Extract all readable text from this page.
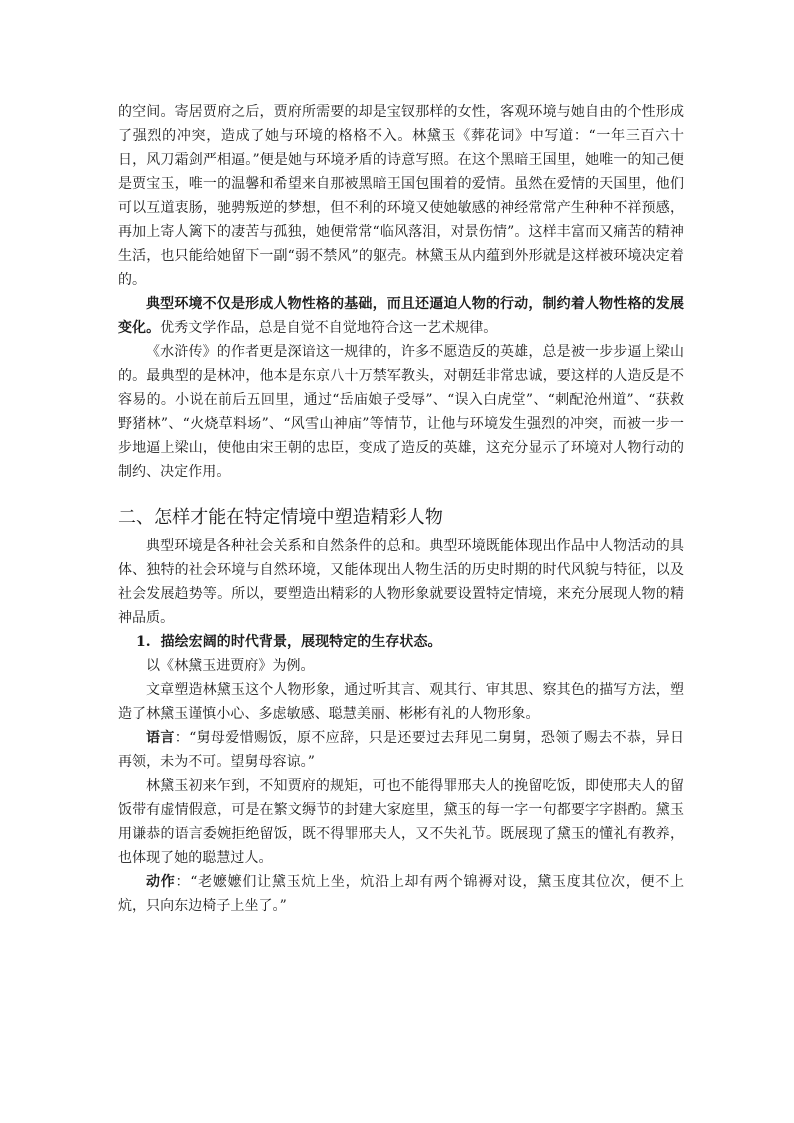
的空间。寄居贾府之后，贾府所需要的却是宝钗那样的女性，客观环境与她自由的个性形成了强烈的冲突，造成了她与环境的格格不入。林黛玉《葬花词》中写道：“一年三百六十日，风刀霜剑严相逼。”便是她与环境矛盾的诗意写照。在这个黑暗王国里，她唯一的知己便是贾宝玉，唯一的温馨和希望来自那被黑暗王国包围着的爱情。虽然在爱情的天国里，他们可以互道衷肠，驰骋叛逆的梦想，但不利的环境又使她敏感的神经常常产生种种不祥预感，再加上寄人篱下的凄苦与孤独，她便常常“临风落泪，对景伤情”。这样丰富而又痛苦的精神生活，也只能给她留下一副“弱不禁风”的躯壳。林黛玉从内蕴到外形就是这样被环境决定着的。

典型环境不仅是形成人物性格的基础，而且还逼迫人物的行动，制约着人物性格的发展变化。优秀文学作品，总是自觉不自觉地符合这一艺术规律。

《水浒传》的作者更是深谙这一规律的，许多不愿造反的英雄，总是被一步步逼上梁山的。最典型的是林冲，他本是东京八十万禁军教头，对朝廷非常忠诚，要这样的人造反是不容易的。小说在前后五回里，通过“岳庙娘子受辱”、“误入白虎堂”、“刺配沧州道”、“获救野猪林”、“火烧草料场”、“风雪山神庙”等情节，让他与环境发生强烈的冲突，而被一步一步地逼上梁山，使他由宋王朝的忠臣，变成了造反的英雄，这充分显示了环境对人物行动的制约、决定作用。

二、怎样才能在特定情境中塑造精彩人物

典型环境是各种社会关系和自然条件的总和。典型环境既能体现出作品中人物活动的具体、独特的社会环境与自然环境，又能体现出人物生活的历史时期的时代风貌与特征，以及社会发展趋势等。所以，要塑造出精彩的人物形象就要设置特定情境，来充分展现人物的精神品质。

1. 描绘宏阔的时代背景，展现特定的生存状态。

以《林黛玉进贾府》为例。

文章塑造林黛玉这个人物形象，通过听其言、观其行、审其思、察其色的描写方法，塑造了林黛玉谨慎小心、多虑敏感、聪慧美丽、彬彬有礼的人物形象。

语言：“舅母爱惜赐饭，原不应辞，只是还要过去拜见二舅舅，恐领了赐去不恭，异日再领，未为不可。望舅母容谅。”

林黛玉初来乍到，不知贾府的规矩，可也不能得罪邢夫人的挽留吃饭，即使邢夫人的留饭带有虚情假意，可是在繁文缛节的封建大家庭里，黛玉的每一字一句都要字字斟酌。黛玉用谦恭的语言委婉拒绝留饭，既不得罪邢夫人，又不失礼节。既展现了黛玉的懂礼有教养，也体现了她的聪慧过人。

动作：“老嬷嬷们让黛玉炕上坐，炕沿上却有两个锦褥对设，黛玉度其位次，便不上炕，只向东边椅子上坐了。”
